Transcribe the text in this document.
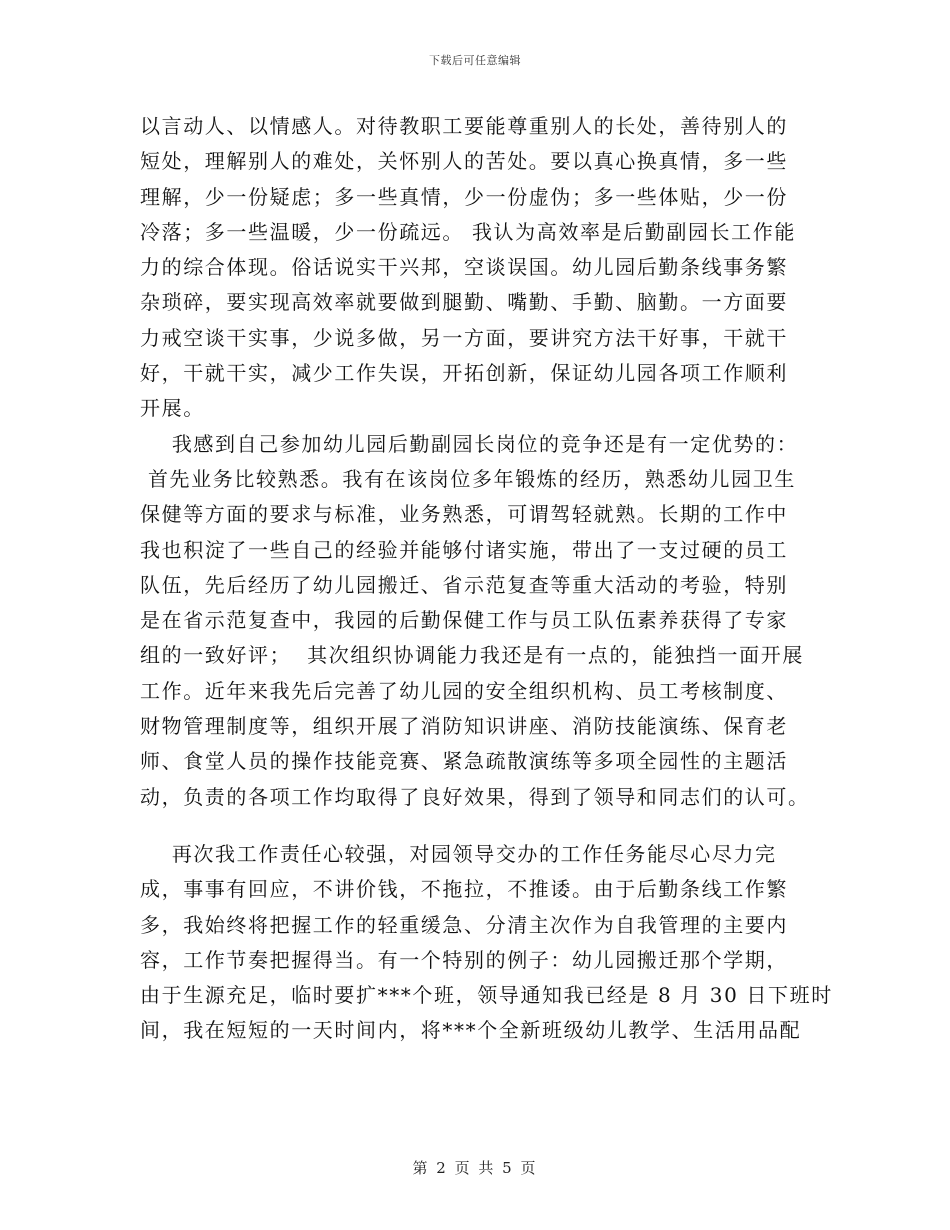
下载后可任意编辑
以言动人、以情感人。对待教职工要能尊重别人的长处，善待别人的
短处，理解别人的难处，关怀别人的苦处。要以真心换真情，多一些
理解，少一份疑虑；多一些真情，少一份虚伪；多一些体贴，少一份
冷落；多一些温暖，少一份疏远。 我认为高效率是后勤副园长工作能
力的综合体现。俗话说实干兴邦，空谈误国。幼儿园后勤条线事务繁
杂琐碎，要实现高效率就要做到腿勤、嘴勤、手勤、脑勤。一方面要
力戒空谈干实事，少说多做，另一方面，要讲究方法干好事，干就干
好，干就干实，减少工作失误，开拓创新，保证幼儿园各项工作顺利
开展。
我感到自己参加幼儿园后勤副园长岗位的竞争还是有一定优势的：
首先业务比较熟悉。我有在该岗位多年锻炼的经历，熟悉幼儿园卫生
保健等方面的要求与标准，业务熟悉，可谓驾轻就熟。长期的工作中
我也积淀了一些自己的经验并能够付诸实施，带出了一支过硬的员工
队伍，先后经历了幼儿园搬迁、省示范复查等重大活动的考验，特别
是在省示范复查中，我园的后勤保健工作与员工队伍素养获得了专家
组的一致好评；  其次组织协调能力我还是有一点的，能独挡一面开展
工作。近年来我先后完善了幼儿园的安全组织机构、员工考核制度、
财物管理制度等，组织开展了消防知识讲座、消防技能演练、保育老
师、食堂人员的操作技能竞赛、紧急疏散演练等多项全园性的主题活
动，负责的各项工作均取得了良好效果，得到了领导和同志们的认可。
再次我工作责任心较强，对园领导交办的工作任务能尽心尽力完
成，事事有回应，不讲价钱，不拖拉，不推诿。由于后勤条线工作繁
多，我始终将把握工作的轻重缓急、分清主次作为自我管理的主要内
容，工作节奏把握得当。有一个特别的例子：幼儿园搬迁那个学期，
由于生源充足，临时要扩***个班，领导通知我已经是 8 月 30 日下班时
间，我在短短的一天时间内，将***个全新班级幼儿教学、生活用品配
第 2 页 共 5 页
